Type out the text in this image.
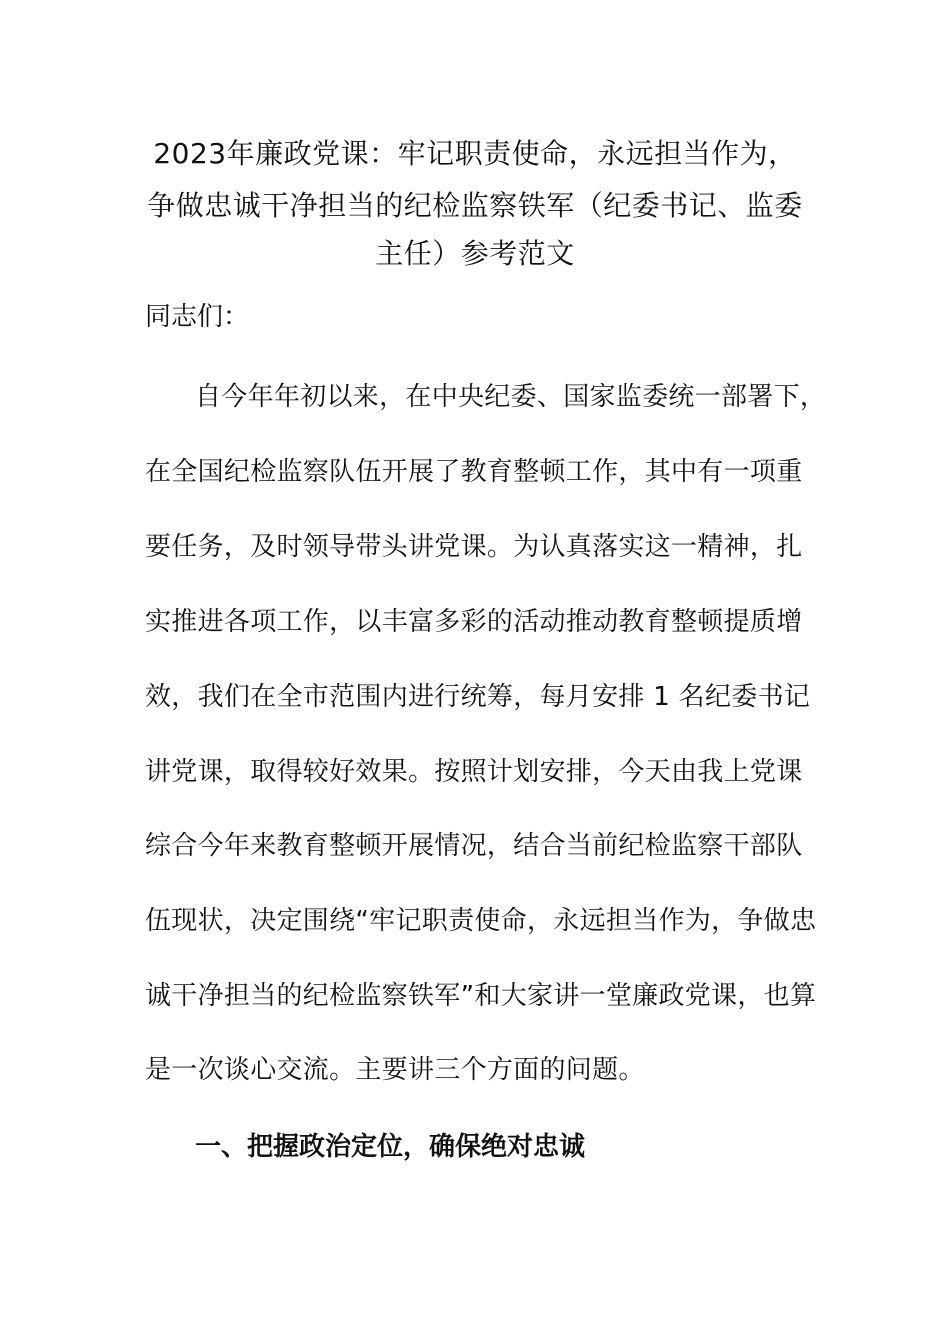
2023年廉政党课：牢记职责使命，永远担当作为，
争做忠诚干净担当的纪检监察铁军（纪委书记、监委
主任）参考范文
同志们：
自今年年初以来，在中央纪委、国家监委统一部署下，
在全国纪检监察队伍开展了教育整顿工作，其中有一项重
要任务，及时领导带头讲党课。为认真落实这一精神，扎
实推进各项工作，以丰富多彩的活动推动教育整顿提质增
效，我们在全市范围内进行统筹，每月安排 1 名纪委书记
讲党课，取得较好效果。按照计划安排，今天由我上党课
综合今年来教育整顿开展情况，结合当前纪检监察干部队
伍现状，决定围绕“牢记职责使命，永远担当作为，争做忠
诚干净担当的纪检监察铁军”和大家讲一堂廉政党课，也算
是一次谈心交流。主要讲三个方面的问题。
一、把握政治定位，确保绝对忠诚
